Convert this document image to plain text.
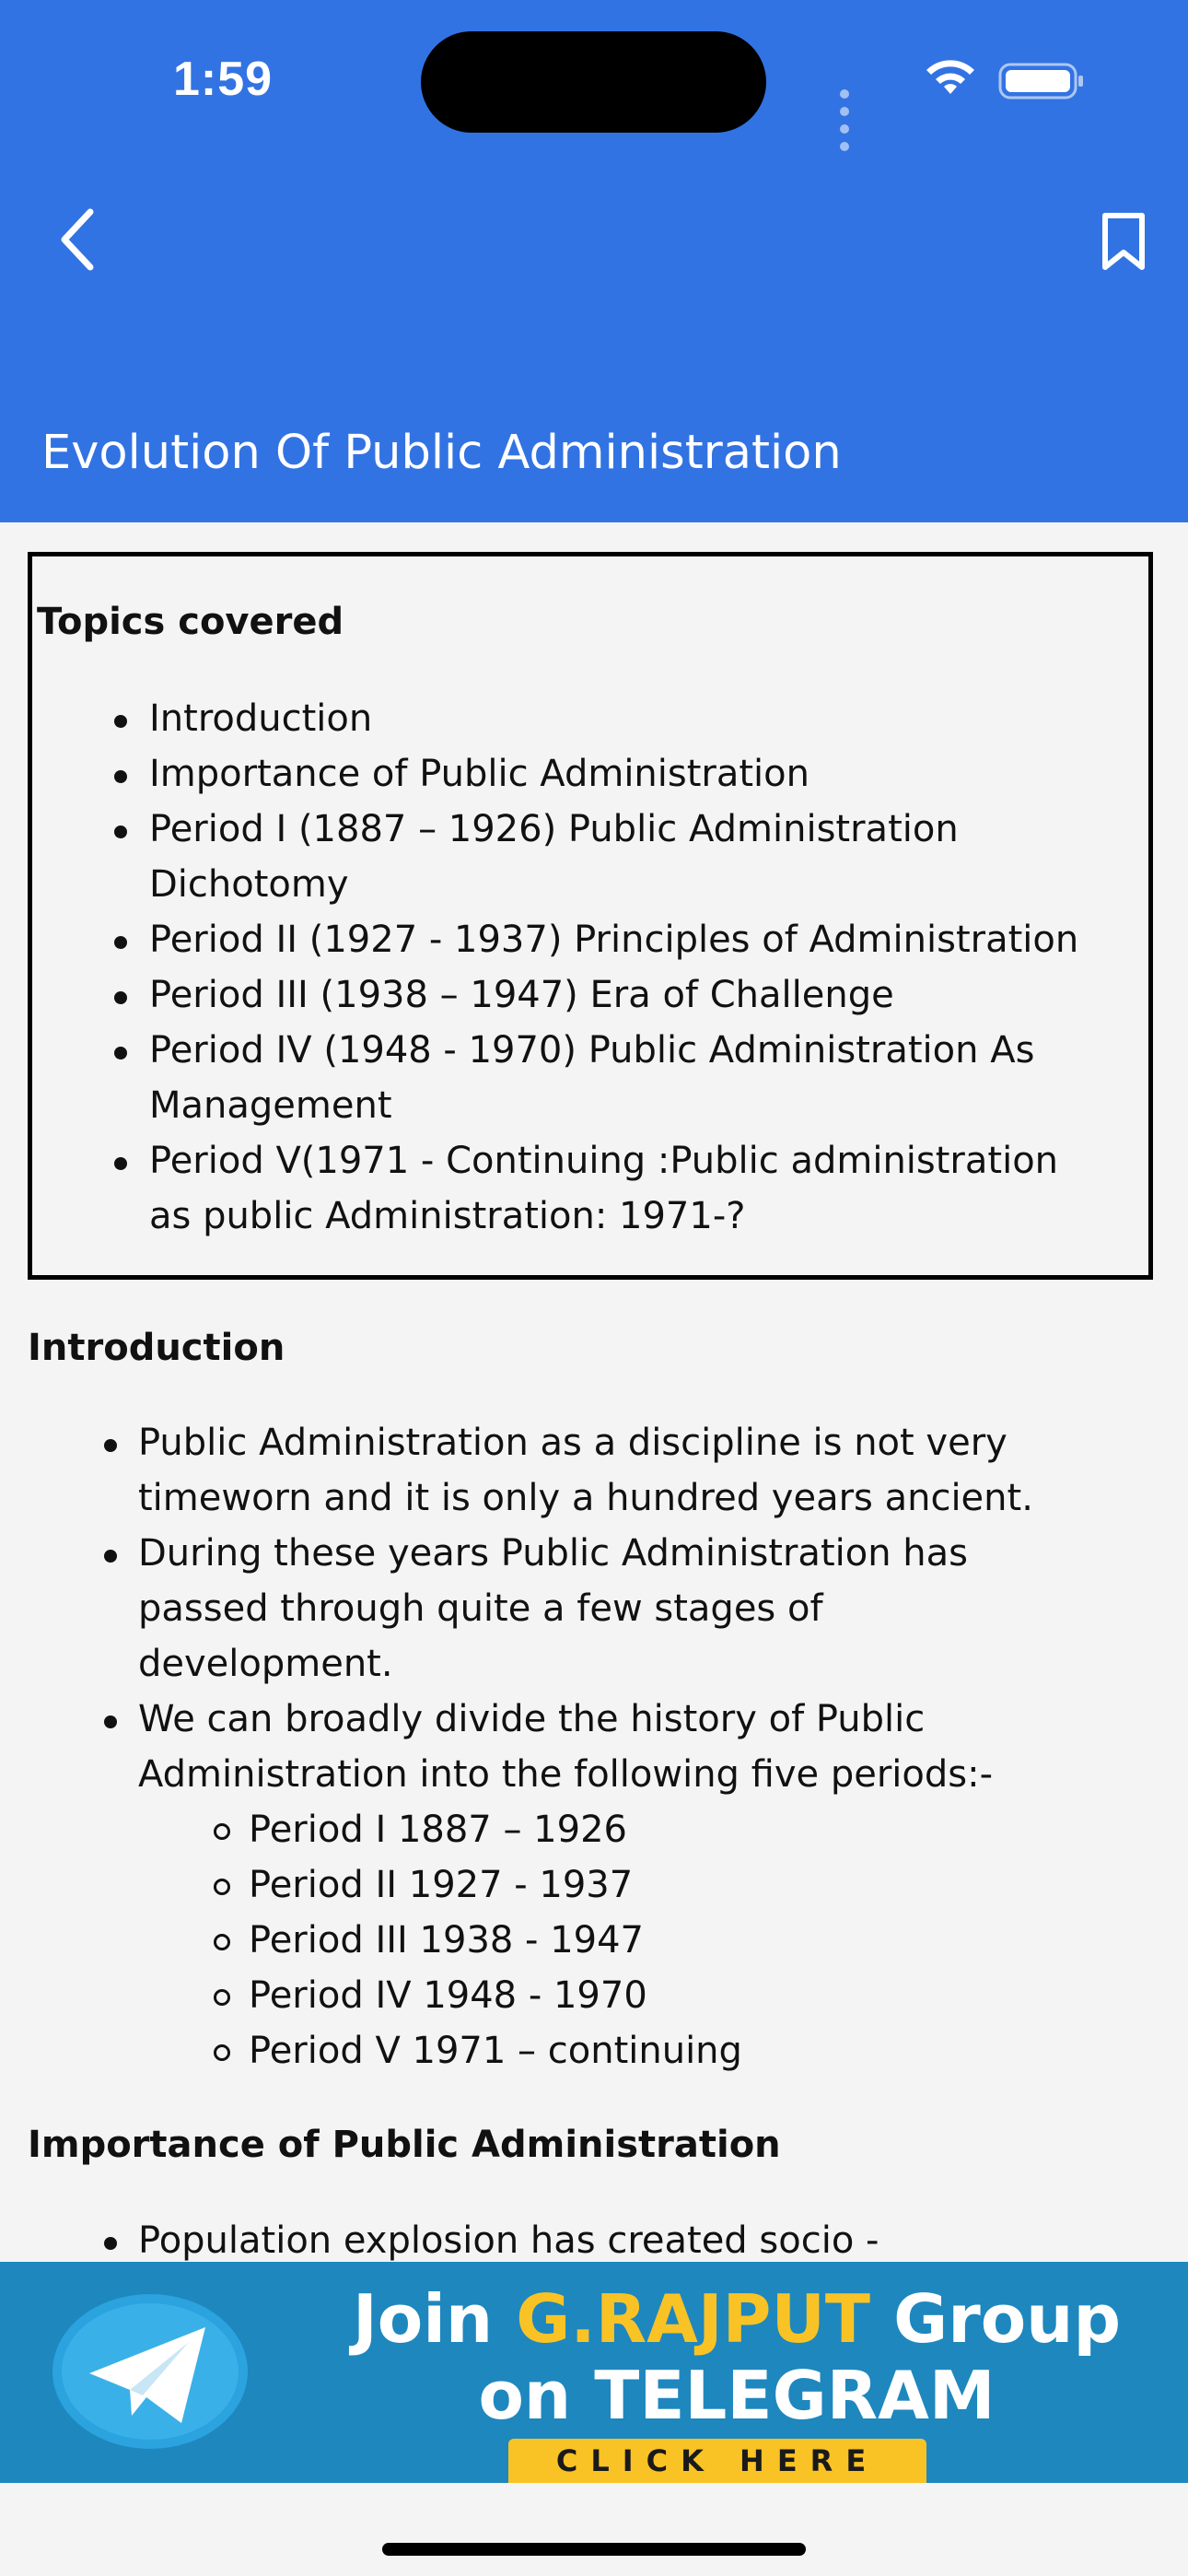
1:59
Evolution Of Public Administration
Topics covered
Introduction
Importance of Public Administration
Period I (1887 – 1926) Public Administration
Dichotomy
Period II (1927 - 1937) Principles of Administration
Period III (1938 – 1947) Era of Challenge
Period IV (1948 - 1970) Public Administration As
Management
Period V(1971 - Continuing :Public administration
as public Administration: 1971-?
Introduction
Public Administration as a discipline is not very
timeworn and it is only a hundred years ancient.
During these years Public Administration has
passed through quite a few stages of
development.
We can broadly divide the history of Public
Administration into the following five periods:-
Period I 1887 – 1926
Period II 1927 - 1937
Period III 1938 - 1947
Period IV 1948 - 1970
Period V 1971 – continuing
Importance of Public Administration
Population explosion has created socio -
Join G.RAJPUT Group
on TELEGRAM
CLICK HERE
